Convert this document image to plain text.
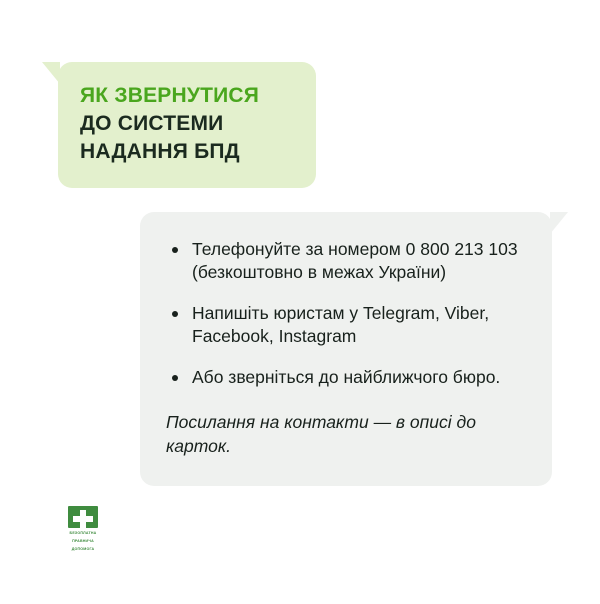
ЯК ЗВЕРНУТИСЯ
ДО СИСТЕМИ
НАДАННЯ БПД
Телефонуйте за номером 0 800 213 103 (безкоштовно в межах України)
Напишіть юристам у Telegram, Viber, Facebook, Instagram
Або зверніться до найближчого бюро.
Посилання на контакти — в описі до карток.
БЕЗОПЛАТНА
ПРАВНИЧА
ДОПОМОГА
